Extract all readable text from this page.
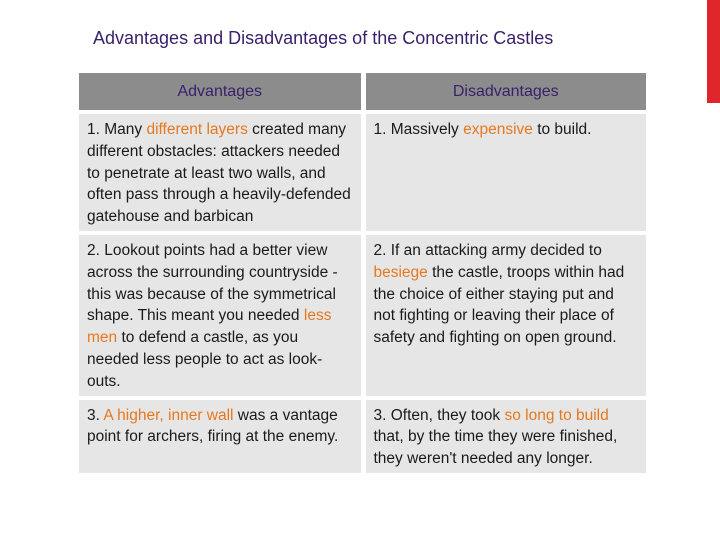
Advantages and Disadvantages of the Concentric Castles
Advantages	Disadvantages
1. Many different layers created many different obstacles: attackers needed to penetrate at least two walls, and often pass through a heavily-defended gatehouse and barbican	1. Massively expensive to build.
2. Lookout points had a better view across the surrounding countryside - this was because of the symmetrical shape. This meant you needed less men to defend a castle, as you needed less people to act as look-outs.	2. If an attacking army decided to besiege the castle, troops within had the choice of either staying put and not fighting or leaving their place of safety and fighting on open ground.
3. A higher, inner wall was a vantage point for archers, firing at the enemy.	3. Often, they took so long to build that, by the time they were finished, they weren't needed any longer.
